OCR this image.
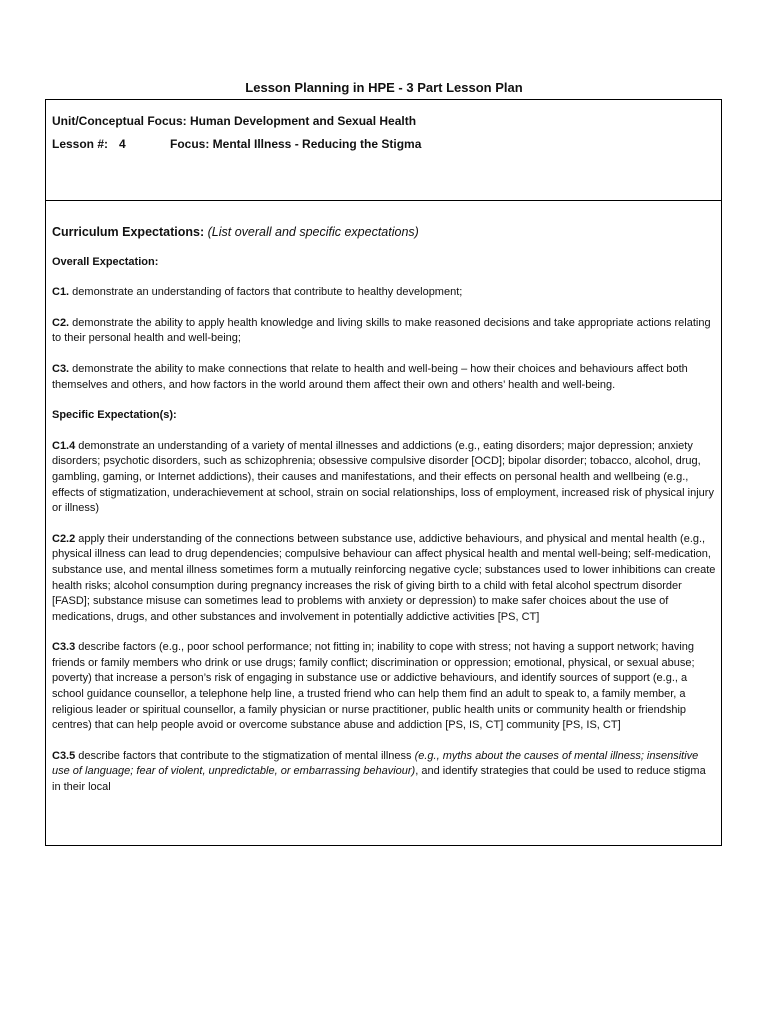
Lesson Planning in HPE - 3 Part Lesson Plan
Unit/Conceptual Focus: Human Development and Sexual Health
Lesson #: 4	Focus: Mental Illness - Reducing the Stigma
Curriculum Expectations: (List overall and specific expectations)
Overall Expectation:

C1. demonstrate an understanding of factors that contribute to healthy development;

C2. demonstrate the ability to apply health knowledge and living skills to make reasoned decisions and take appropriate actions relating to their personal health and well-being;

C3. demonstrate the ability to make connections that relate to health and well-being – how their choices and behaviours affect both themselves and others, and how factors in the world around them affect their own and others’ health and well-being.

Specific Expectation(s):

C1.4 demonstrate an understanding of a variety of mental illnesses and addictions (e.g., eating disorders; major depression; anxiety disorders; psychotic disorders, such as schizophrenia; obsessive compulsive disorder [OCD]; bipolar disorder; tobacco, alcohol, drug, gambling, gaming, or Internet addictions), their causes and manifestations, and their effects on personal health and wellbeing (e.g., effects of stigmatization, underachievement at school, strain on social relationships, loss of employment, increased risk of physical injury or illness)

C2.2 apply their understanding of the connections between substance use, addictive behaviours, and physical and mental health (e.g., physical illness can lead to drug dependencies; compulsive behaviour can affect physical health and mental well-being; self-medication, substance use, and mental illness sometimes form a mutually reinforcing negative cycle; substances used to lower inhibitions can create health risks; alcohol consumption during pregnancy increases the risk of giving birth to a child with fetal alcohol spectrum disorder [FASD]; substance misuse can sometimes lead to problems with anxiety or depression) to make safer choices about the use of medications, drugs, and other substances and involvement in potentially addictive activities [PS, CT]

C3.3 describe factors (e.g., poor school performance; not fitting in; inability to cope with stress; not having a support network; having friends or family members who drink or use drugs; family conflict; discrimination or oppression; emotional, physical, or sexual abuse; poverty) that increase a person’s risk of engaging in substance use or addictive behaviours, and identify sources of support (e.g., a school guidance counsellor, a telephone help line, a trusted friend who can help them find an adult to speak to, a family member, a religious leader or spiritual counsellor, a family physician or nurse practitioner, public health units or community health or friendship centres) that can help people avoid or overcome substance abuse and addiction [PS, IS, CT] community [PS, IS, CT]

C3.5 describe factors that contribute to the stigmatization of mental illness (e.g., myths about the causes of mental illness; insensitive use of language; fear of violent, unpredictable, or embarrassing behaviour), and identify strategies that could be used to reduce stigma in their local
